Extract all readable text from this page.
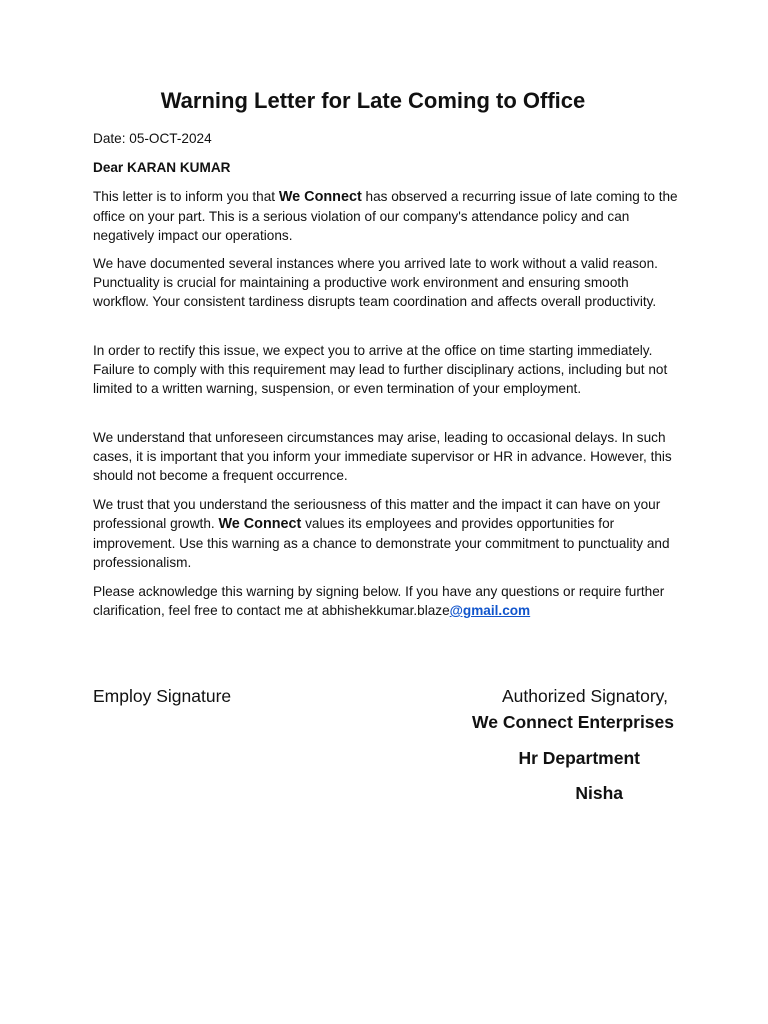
Warning Letter for Late Coming to Office

Date: 05-OCT-2024

Dear KARAN KUMAR

This letter is to inform you that We Connect has observed a recurring issue of late coming to the office on your part. This is a serious violation of our company's attendance policy and can negatively impact our operations.

We have documented several instances where you arrived late to work without a valid reason. Punctuality is crucial for maintaining a productive work environment and ensuring smooth workflow. Your consistent tardiness disrupts team coordination and affects overall productivity.

In order to rectify this issue, we expect you to arrive at the office on time starting immediately. Failure to comply with this requirement may lead to further disciplinary actions, including but not limited to a written warning, suspension, or even termination of your employment.

We understand that unforeseen circumstances may arise, leading to occasional delays. In such cases, it is important that you inform your immediate supervisor or HR in advance. However, this should not become a frequent occurrence.

We trust that you understand the seriousness of this matter and the impact it can have on your professional growth. We Connect values its employees and provides opportunities for improvement. Use this warning as a chance to demonstrate your commitment to punctuality and professionalism.

Please acknowledge this warning by signing below. If you have any questions or require further clarification, feel free to contact me at abhishekkumar.blaze@gmail.com

Employ Signature	Authorized Signatory,

We Connect Enterprises

Hr Department

Nisha
